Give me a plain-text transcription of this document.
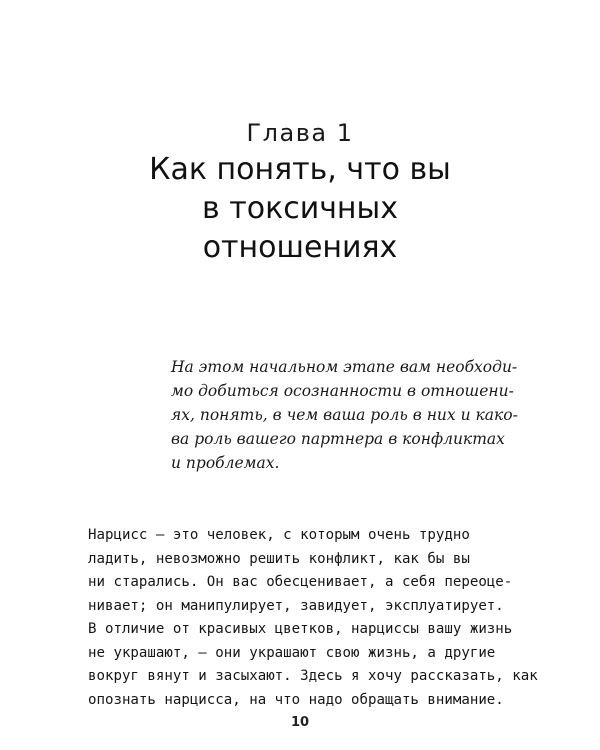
Глава 1
Как понять, что вы
в токсичных
отношениях
На этом начальном этапе вам необходи-
мо добиться осознанности в отношени-
ях, понять, в чем ваша роль в них и како-
ва роль вашего партнера в конфликтах
и проблемах.
Нарцисс — это человек, с которым очень трудно
ладить, невозможно решить конфликт, как бы вы
ни старались. Он вас обесценивает, а себя переоце-
нивает; он манипулирует, завидует, эксплуатирует.
В отличие от красивых цветков, нарциссы вашу жизнь
не украшают, — они украшают свою жизнь, а другие
вокруг вянут и засыхают. Здесь я хочу рассказать, как
опознать нарцисса, на что надо обращать внимание.
10
